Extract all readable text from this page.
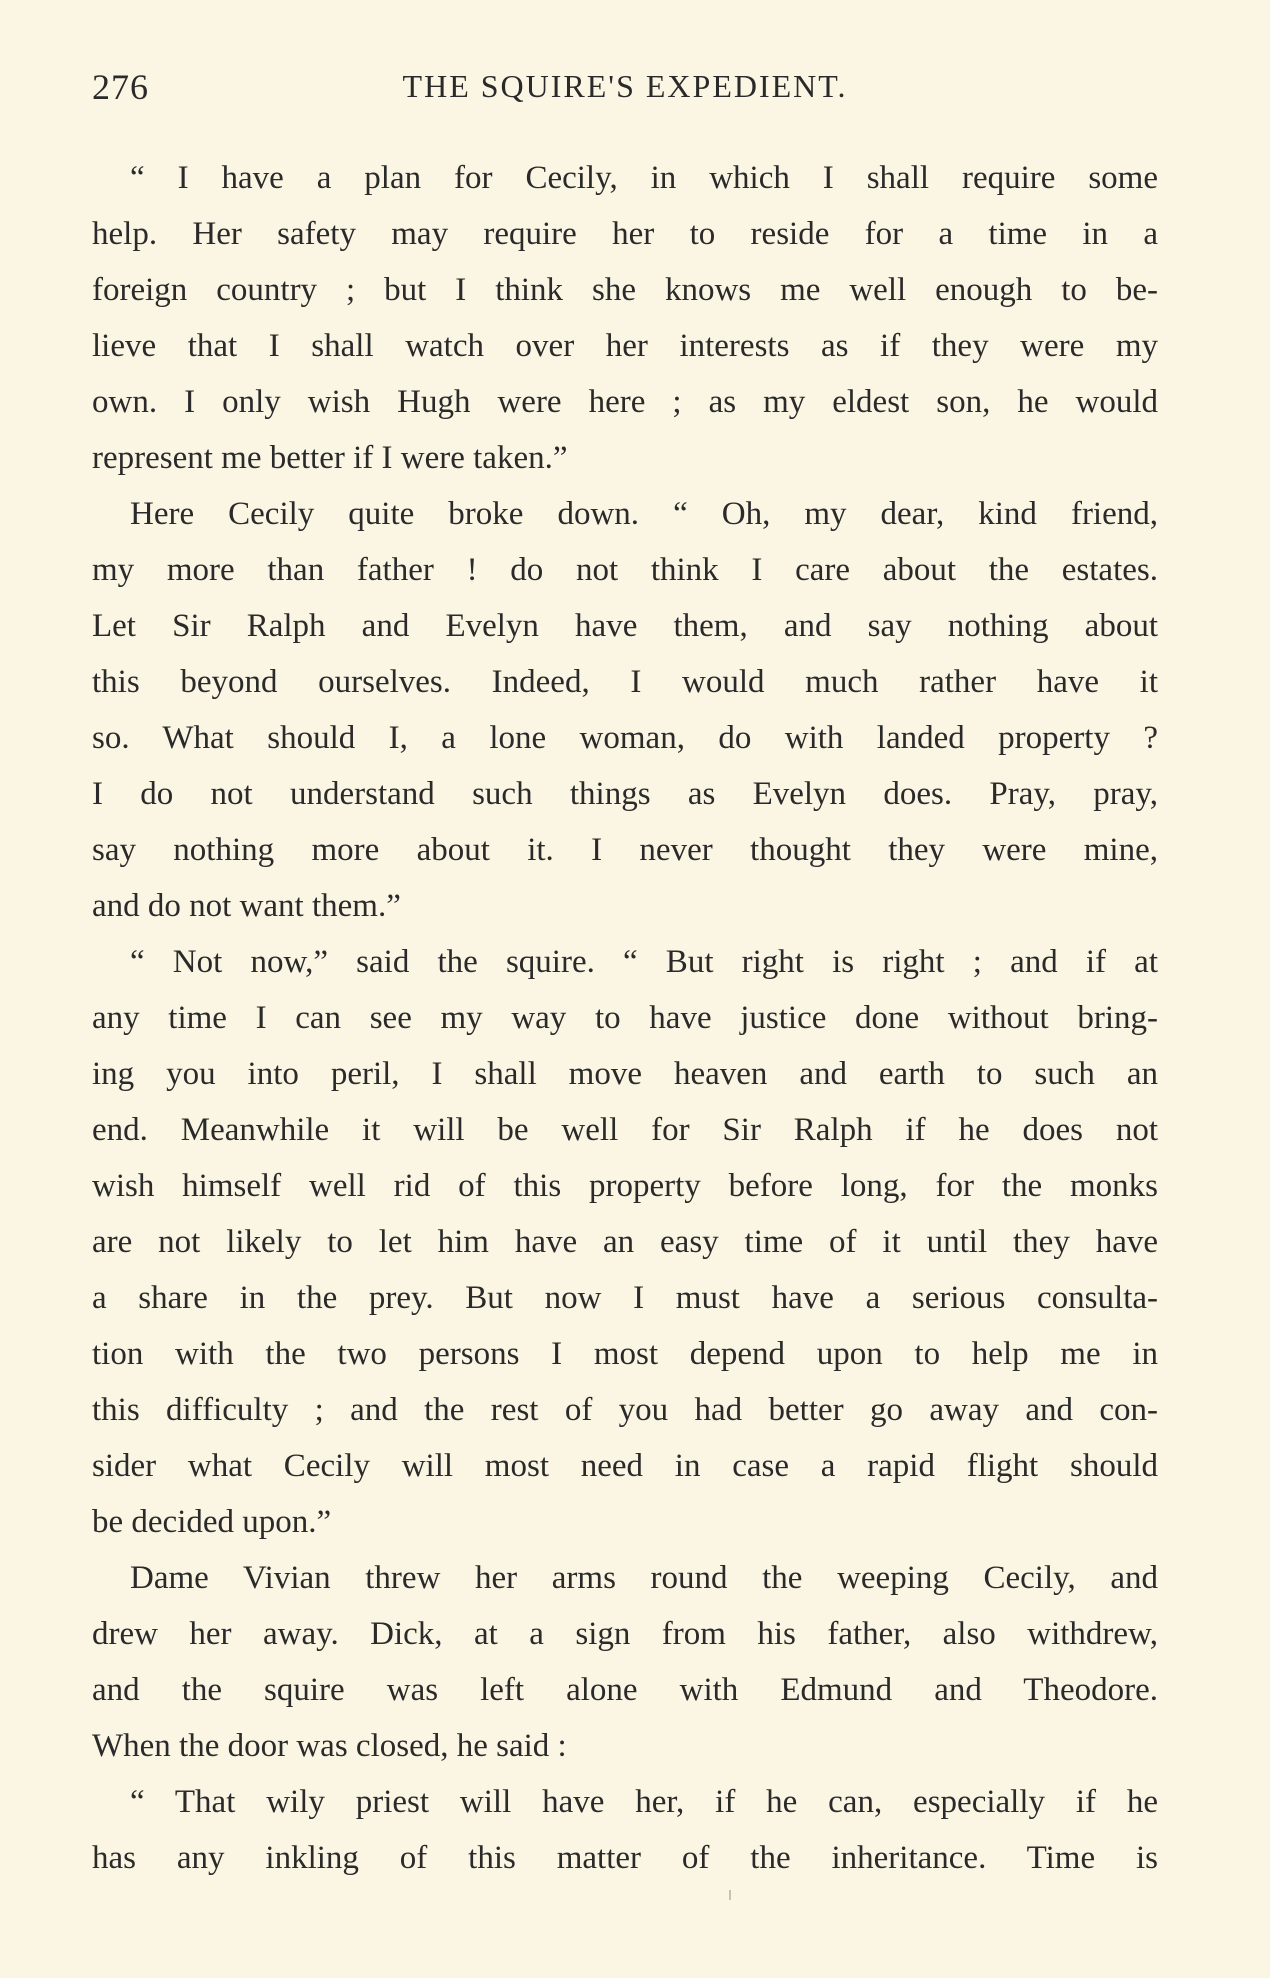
276	THE SQUIRE'S EXPEDIENT.
“ I have a plan for Cecily, in which I shall require some
help. Her safety may require her to reside for a time in a
foreign country ; but I think she knows me well enough to be-
lieve that I shall watch over her interests as if they were my
own. I only wish Hugh were here ; as my eldest son, he would
represent me better if I were taken.”
Here Cecily quite broke down. “ Oh, my dear, kind friend,
my more than father ! do not think I care about the estates.
Let Sir Ralph and Evelyn have them, and say nothing about
this beyond ourselves. Indeed, I would much rather have it
so. What should I, a lone woman, do with landed property ?
I do not understand such things as Evelyn does. Pray, pray,
say nothing more about it. I never thought they were mine,
and do not want them.”
“ Not now,” said the squire. “ But right is right ; and if at
any time I can see my way to have justice done without bring-
ing you into peril, I shall move heaven and earth to such an
end. Meanwhile it will be well for Sir Ralph if he does not
wish himself well rid of this property before long, for the monks
are not likely to let him have an easy time of it until they have
a share in the prey. But now I must have a serious consulta-
tion with the two persons I most depend upon to help me in
this difficulty ; and the rest of you had better go away and con-
sider what Cecily will most need in case a rapid flight should
be decided upon.”
Dame Vivian threw her arms round the weeping Cecily, and
drew her away. Dick, at a sign from his father, also withdrew,
and the squire was left alone with Edmund and Theodore.
When the door was closed, he said :
“ That wily priest will have her, if he can, especially if he
has any inkling of this matter of the inheritance. Time is
